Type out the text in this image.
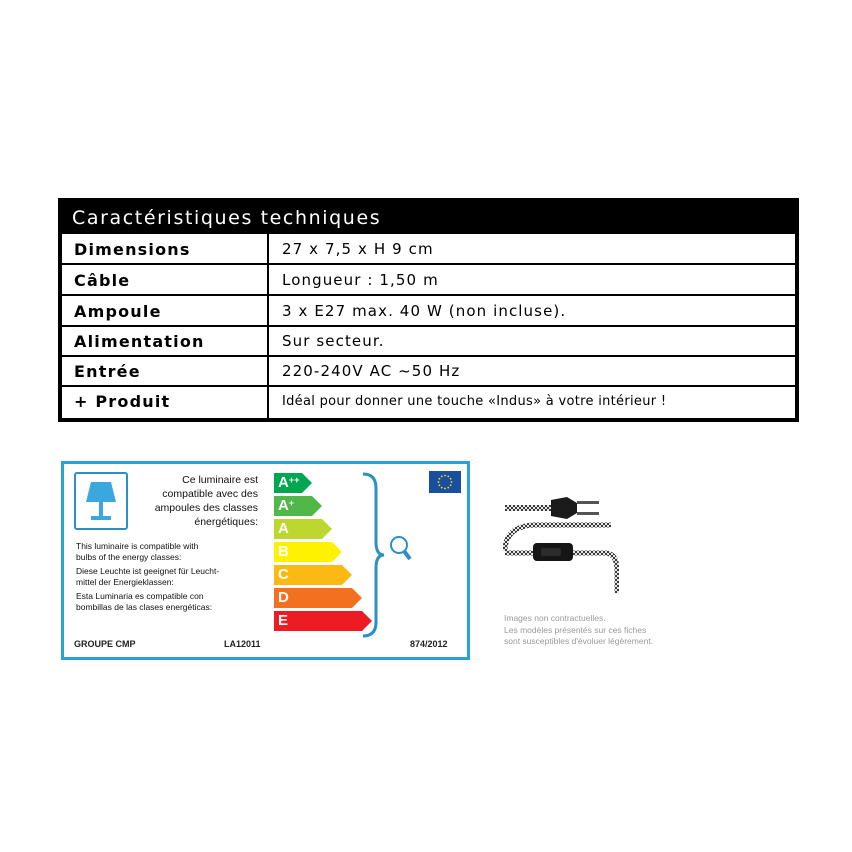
Caractéristiques techniques
Dimensions	27 x 7,5 x H 9 cm
Câble	Longueur : 1,50 m
Ampoule	3 x E27 max. 40 W (non incluse).
Alimentation	Sur secteur.
Entrée	220-240V AC ~50 Hz
+ Produit	Idéal pour donner une touche «Indus» à votre intérieur !
Ce luminaire est
compatible avec des
ampoules des classes
énergétiques:
This luminaire is compatible with
bulbs of the energy classes:
Diese Leuchte ist geeignet für Leucht-
mittel der Energieklassen:
Esta Luminaria es compatible con
bombillas de las clases energéticas:
A++
A+
A
B
C
D
E
GROUPE CMP	LA12011	874/2012
Images non contractuelles.
Les modèles présentés sur ces fiches
sont susceptibles d'évoluer légèrement.
